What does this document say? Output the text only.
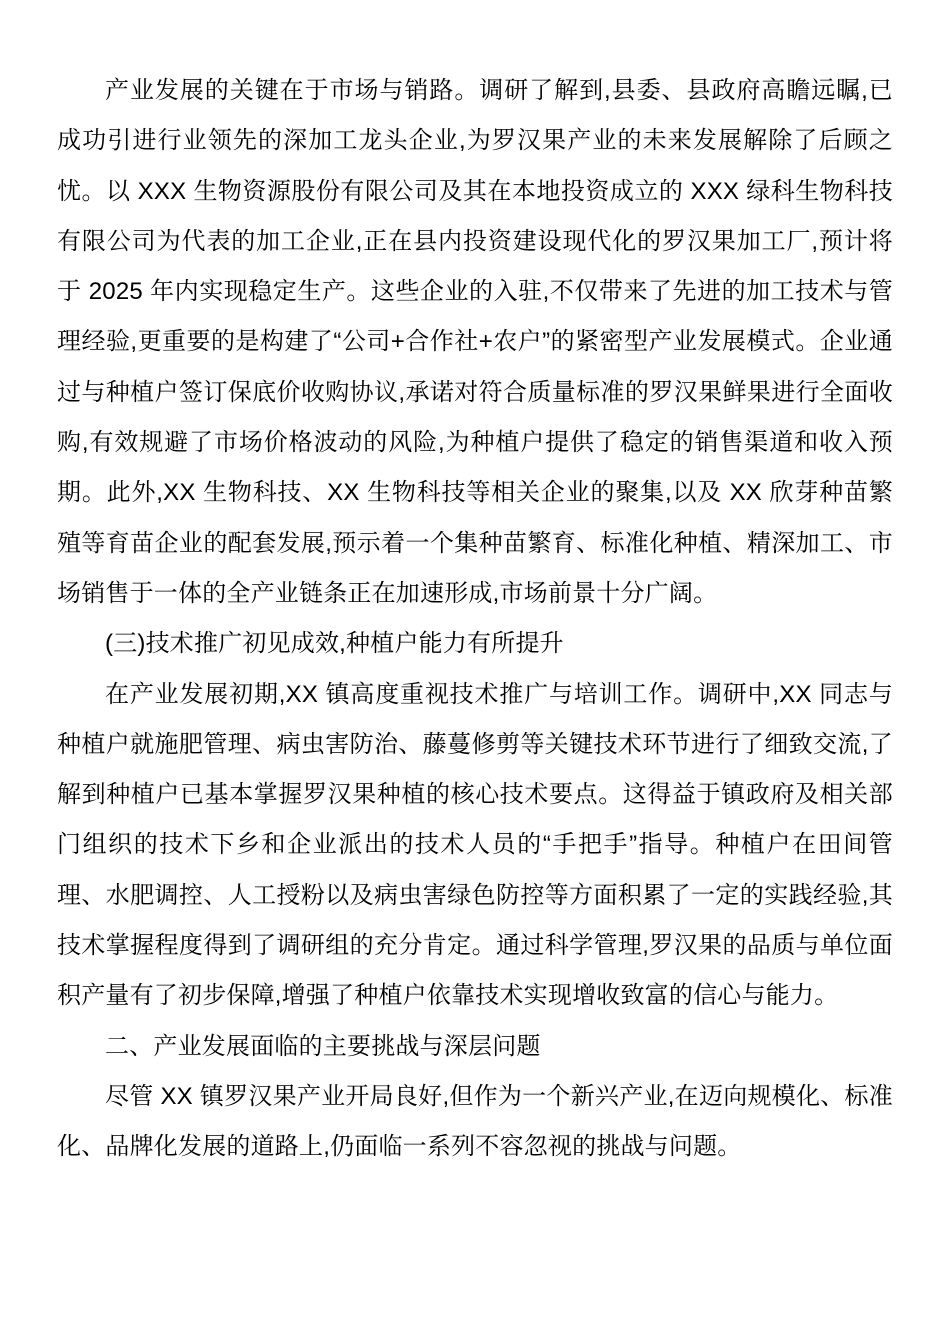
产业发展的关键在于市场与销路。调研了解到,县委、县政府高瞻远瞩,已成功引进行业领先的深加工龙头企业,为罗汉果产业的未来发展解除了后顾之忧。以 XXX 生物资源股份有限公司及其在本地投资成立的 XXX 绿科生物科技有限公司为代表的加工企业,正在县内投资建设现代化的罗汉果加工厂,预计将于 2025 年内实现稳定生产。这些企业的入驻,不仅带来了先进的加工技术与管理经验,更重要的是构建了“公司+合作社+农户”的紧密型产业发展模式。企业通过与种植户签订保底价收购协议,承诺对符合质量标准的罗汉果鲜果进行全面收购,有效规避了市场价格波动的风险,为种植户提供了稳定的销售渠道和收入预期。此外,XX 生物科技、XX 生物科技等相关企业的聚集,以及 XX 欣芽种苗繁殖等育苗企业的配套发展,预示着一个集种苗繁育、标准化种植、精深加工、市场销售于一体的全产业链条正在加速形成,市场前景十分广阔。

(三)技术推广初见成效,种植户能力有所提升

在产业发展初期,XX 镇高度重视技术推广与培训工作。调研中,XX 同志与种植户就施肥管理、病虫害防治、藤蔓修剪等关键技术环节进行了细致交流,了解到种植户已基本掌握罗汉果种植的核心技术要点。这得益于镇政府及相关部门组织的技术下乡和企业派出的技术人员的“手把手”指导。种植户在田间管理、水肥调控、人工授粉以及病虫害绿色防控等方面积累了一定的实践经验,其技术掌握程度得到了调研组的充分肯定。通过科学管理,罗汉果的品质与单位面积产量有了初步保障,增强了种植户依靠技术实现增收致富的信心与能力。

二、产业发展面临的主要挑战与深层问题

尽管 XX 镇罗汉果产业开局良好,但作为一个新兴产业,在迈向规模化、标准化、品牌化发展的道路上,仍面临一系列不容忽视的挑战与问题。
